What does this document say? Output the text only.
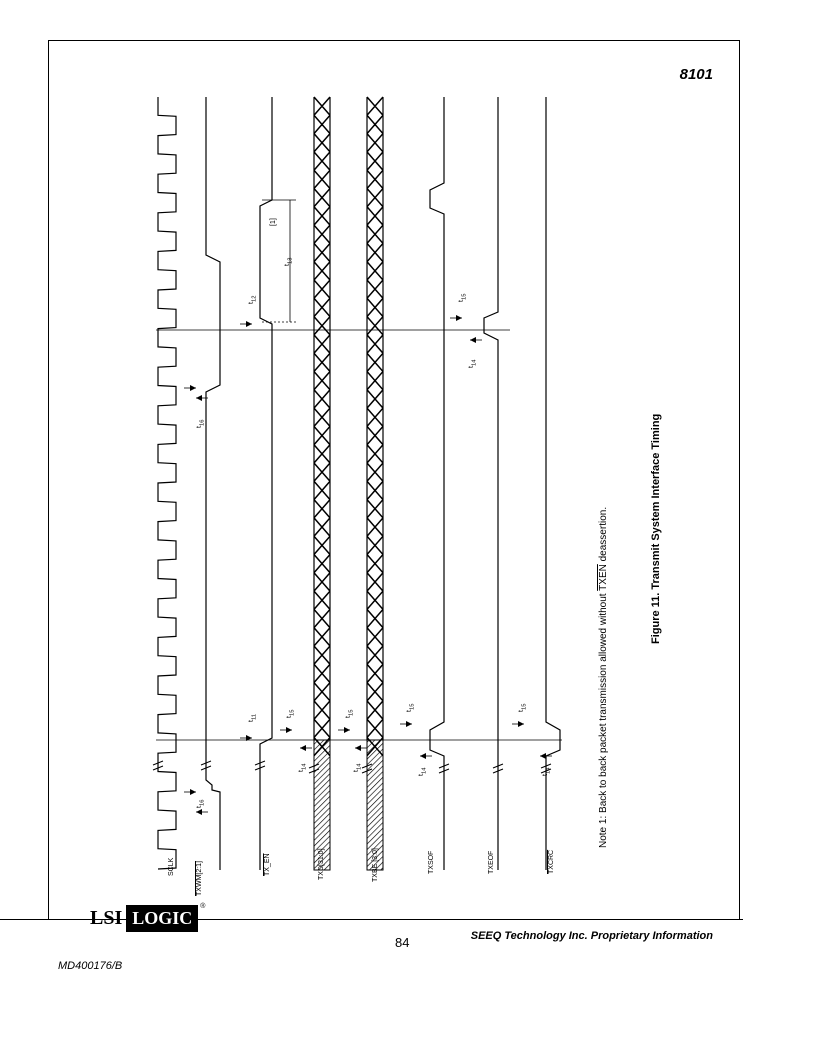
8101
SCLK	TXWM[2:1]	TX_EN	TXD[31:0]	TXBE [3:0]	TXSOF	TXEOF	TXCRC
$t_{16}$
$t_{16}$
$t_{11}$
$t_{12}$
$t_{13}$
[1]
$t_{15}$
$t_{14}$
$t_{15}$
$t_{14}$
$t_{15}$
$t_{14}$
$t_{15}$
$t_{14}$
$t_{15}$
$t_{14}$	Note 1: Back to back packet transmission allowed without TXEN deassertion.	Figure 11. Transmit System Interface Timing
LSI LOGIC
®
84	SEEQ Technology Inc. Proprietary Information
MD400176/B
